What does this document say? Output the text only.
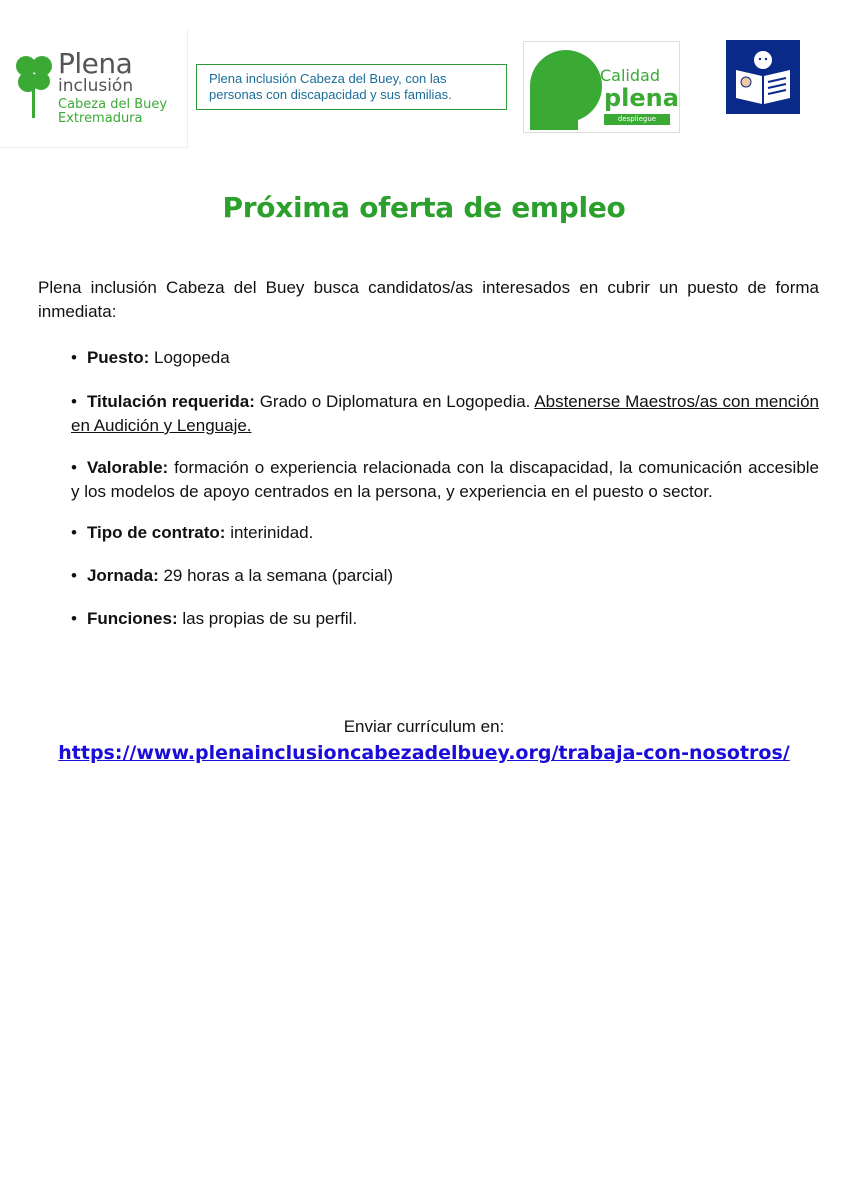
Plena
inclusión
Cabeza del Buey
Extremadura
Plena inclusión Cabeza del Buey, con las personas con discapacidad y sus familias.
Calidad
plena
despliegue
Próxima oferta de empleo

Plena inclusión Cabeza del Buey busca candidatos/as interesados en cubrir un puesto de forma inmediata:

• Puesto: Logopeda

• Titulación requerida: Grado o Diplomatura en Logopedia. Abstenerse Maestros/as con mención en Audición y Lenguaje.

• Valorable: formación o experiencia relacionada con la discapacidad, la comunicación accesible y los modelos de apoyo centrados en la persona, y experiencia en el puesto o sector.

• Tipo de contrato: interinidad.

• Jornada: 29 horas a la semana (parcial)

• Funciones: las propias de su perfil.

Enviar currículum en:
https://www.plenainclusioncabezadelbuey.org/trabaja-con-nosotros/
